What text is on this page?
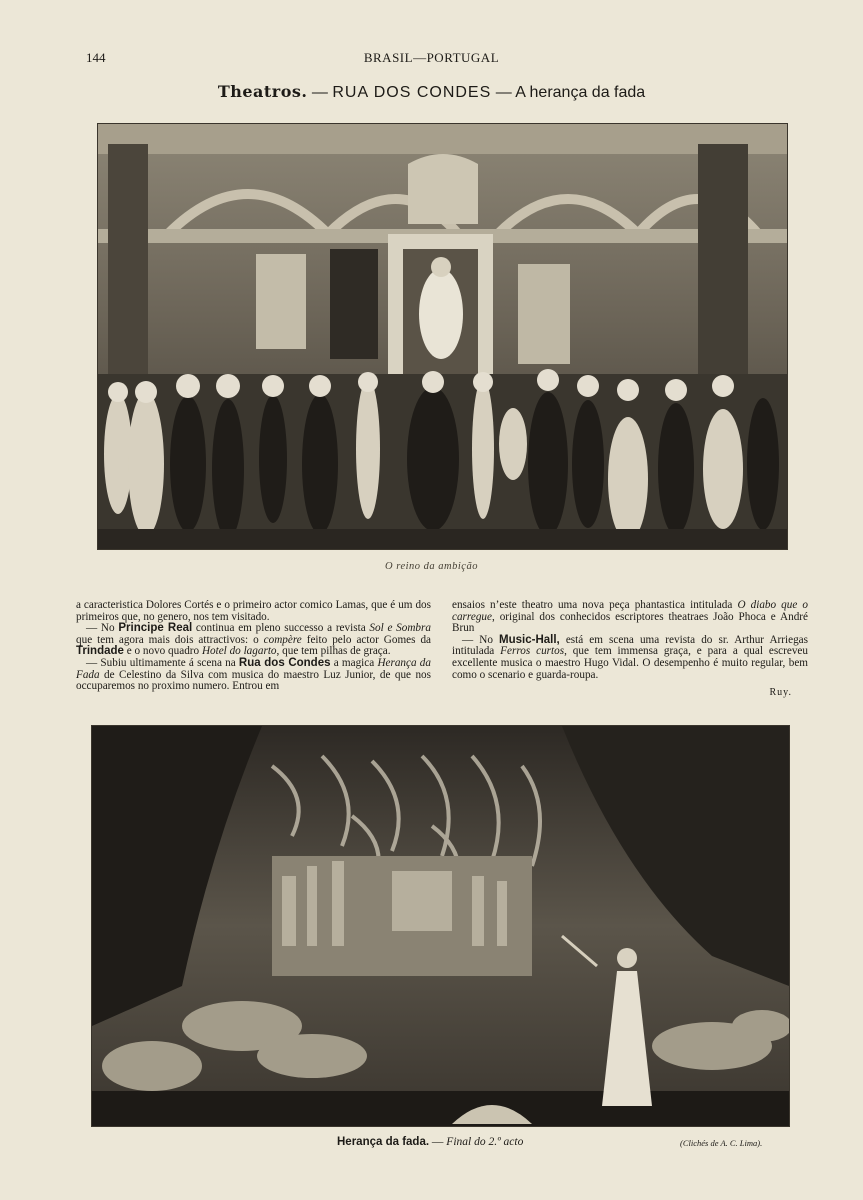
144	BRASIL—PORTUGAL
Theatros. — RUA DOS CONDES — A herança da fada
O reino da ambição

a caracteristica Dolores Cortés e o primeiro actor comico Lamas, que é um dos primeiros que, no genero, nos tem visitado.

— No Principe Real continua em pleno successo a revista Sol e Sombra que tem agora mais dois attractivos: o compère feito pelo actor Gomes da Trindade e o novo quadro Hotel do lagarto, que tem pilhas de graça.

— Subiu ultimamente á scena na Rua dos Condes a magica Herança da Fada de Celestino da Silva com musica do maestro Luz Junior, de que nos occuparemos no proximo numero. Entrou em

ensaios n’este theatro uma nova peça phantastica intitulada O diabo que o carregue, original dos conhecidos escriptores theatraes João Phoca e André Brun

— No Music-Hall, está em scena uma revista do sr. Arthur Arriegas intitulada Ferros curtos, que tem immensa graça, e para a qual escreveu excellente musica o maestro Hugo Vidal. O desempenho é muito regular, bem como o scenario e guarda-roupa.

Ruy.
Herança da fada. — Final do 2.º acto	(Clichés de A. C. Lima).
